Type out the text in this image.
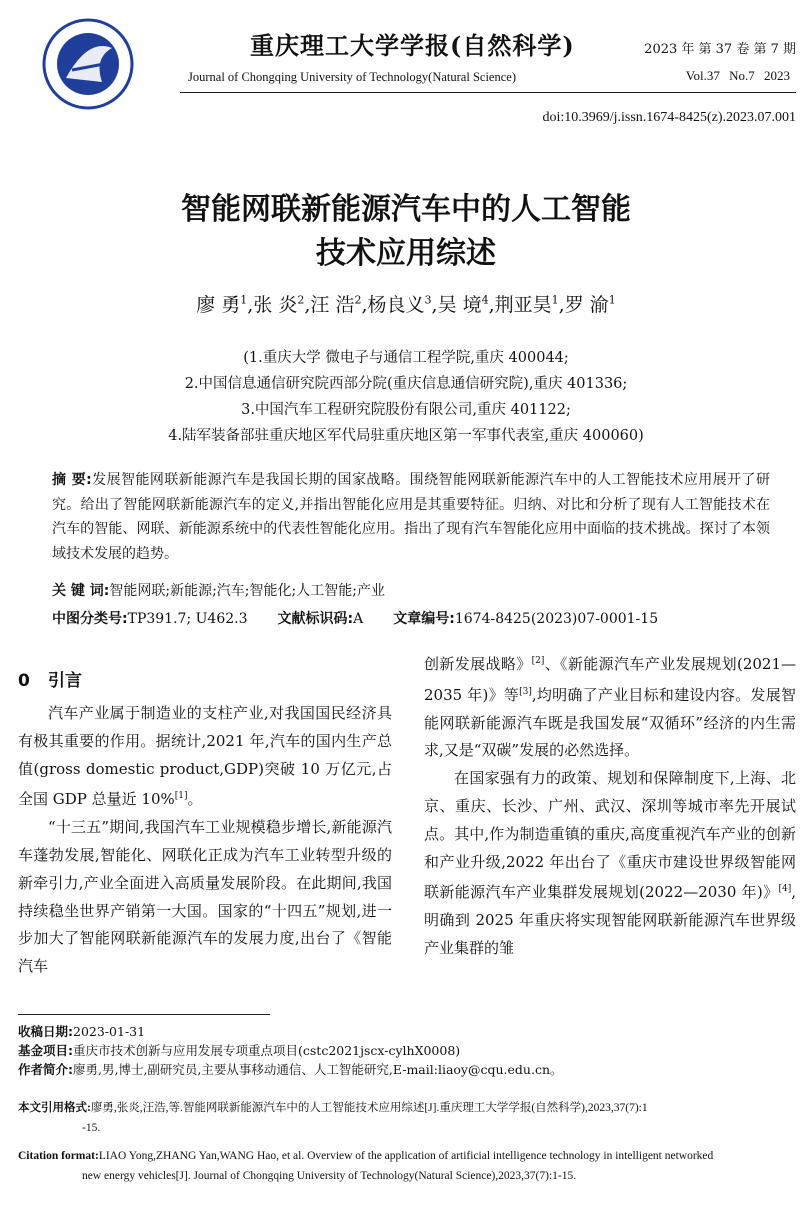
1940
重庆理工大学学报(自然科学)
Journal of Chongqing University of Technology(Natural Science)
2023 年 第 37 卷 第 7 期
Vol.37 No.7 2023
doi:10.3969/j.issn.1674-8425(z).2023.07.001
智能网联新能源汽车中的人工智能
技术应用综述
廖 勇$^1$,张 炎$^2$,汪 浩$^2$,杨良义$^3$,吴 境$^4$,荆亚昊$^1$,罗 渝$^1$
(1.重庆大学 微电子与通信工程学院,重庆 400044;
2.中国信息通信研究院西部分院(重庆信息通信研究院),重庆 401336;
3.中国汽车工程研究院股份有限公司,重庆 401122;
4.陆军装备部驻重庆地区军代局驻重庆地区第一军事代表室,重庆 400060)
摘 要:发展智能网联新能源汽车是我国长期的国家战略。围绕智能网联新能源汽车中的人工智能技术应用展开了研究。给出了智能网联新能源汽车的定义,并指出智能化应用是其重要特征。归纳、对比和分析了现有人工智能技术在汽车的智能、网联、新能源系统中的代表性智能化应用。指出了现有汽车智能化应用中面临的技术挑战。探讨了本领域技术发展的趋势。
关 键 词:智能网联;新能源;汽车;智能化;人工智能;产业
中图分类号:TP391.7; U462.3 文献标识码:A 文章编号:1674-8425(2023)07-0001-15
0 引言

汽车产业属于制造业的支柱产业,对我国国民经济具有极其重要的作用。据统计,2021 年,汽车的国内生产总值(gross domestic product,GDP)突破 10 万亿元,占全国 GDP 总量近 10%[1]。

“十三五”期间,我国汽车工业规模稳步增长,新能源汽车蓬勃发展,智能化、网联化正成为汽车工业转型升级的新牵引力,产业全面进入高质量发展阶段。在此期间,我国持续稳坐世界产销第一大国。国家的“十四五”规划,进一步加大了智能网联新能源汽车的发展力度,出台了《智能汽车

创新发展战略》[2]、《新能源汽车产业发展规划(2021—2035 年)》等[3],均明确了产业目标和建设内容。发展智能网联新能源汽车既是我国发展“双循环”经济的内生需求,又是“双碳”发展的必然选择。

在国家强有力的政策、规划和保障制度下,上海、北京、重庆、长沙、广州、武汉、深圳等城市率先开展试点。其中,作为制造重镇的重庆,高度重视汽车产业的创新和产业升级,2022 年出台了《重庆市建设世界级智能网联新能源汽车产业集群发展规划(2022—2030 年)》[4],明确到 2025 年重庆将实现智能网联新能源汽车世界级产业集群的雏

收稿日期:2023-01-31
基金项目:重庆市技术创新与应用发展专项重点项目(cstc2021jscx-cylhX0008)
作者简介:廖勇,男,博士,副研究员,主要从事移动通信、人工智能研究,E-mail:liaoy@cqu.edu.cn。
本文引用格式:廖勇,张炎,汪浩,等.智能网联新能源汽车中的人工智能技术应用综述[J].重庆理工大学学报(自然科学),2023,37(7):1
-15.
Citation format:LIAO Yong,ZHANG Yan,WANG Hao, et al. Overview of the application of artificial intelligence technology in intelligent networked
new energy vehicles[J]. Journal of Chongqing University of Technology(Natural Science),2023,37(7):1-15.
